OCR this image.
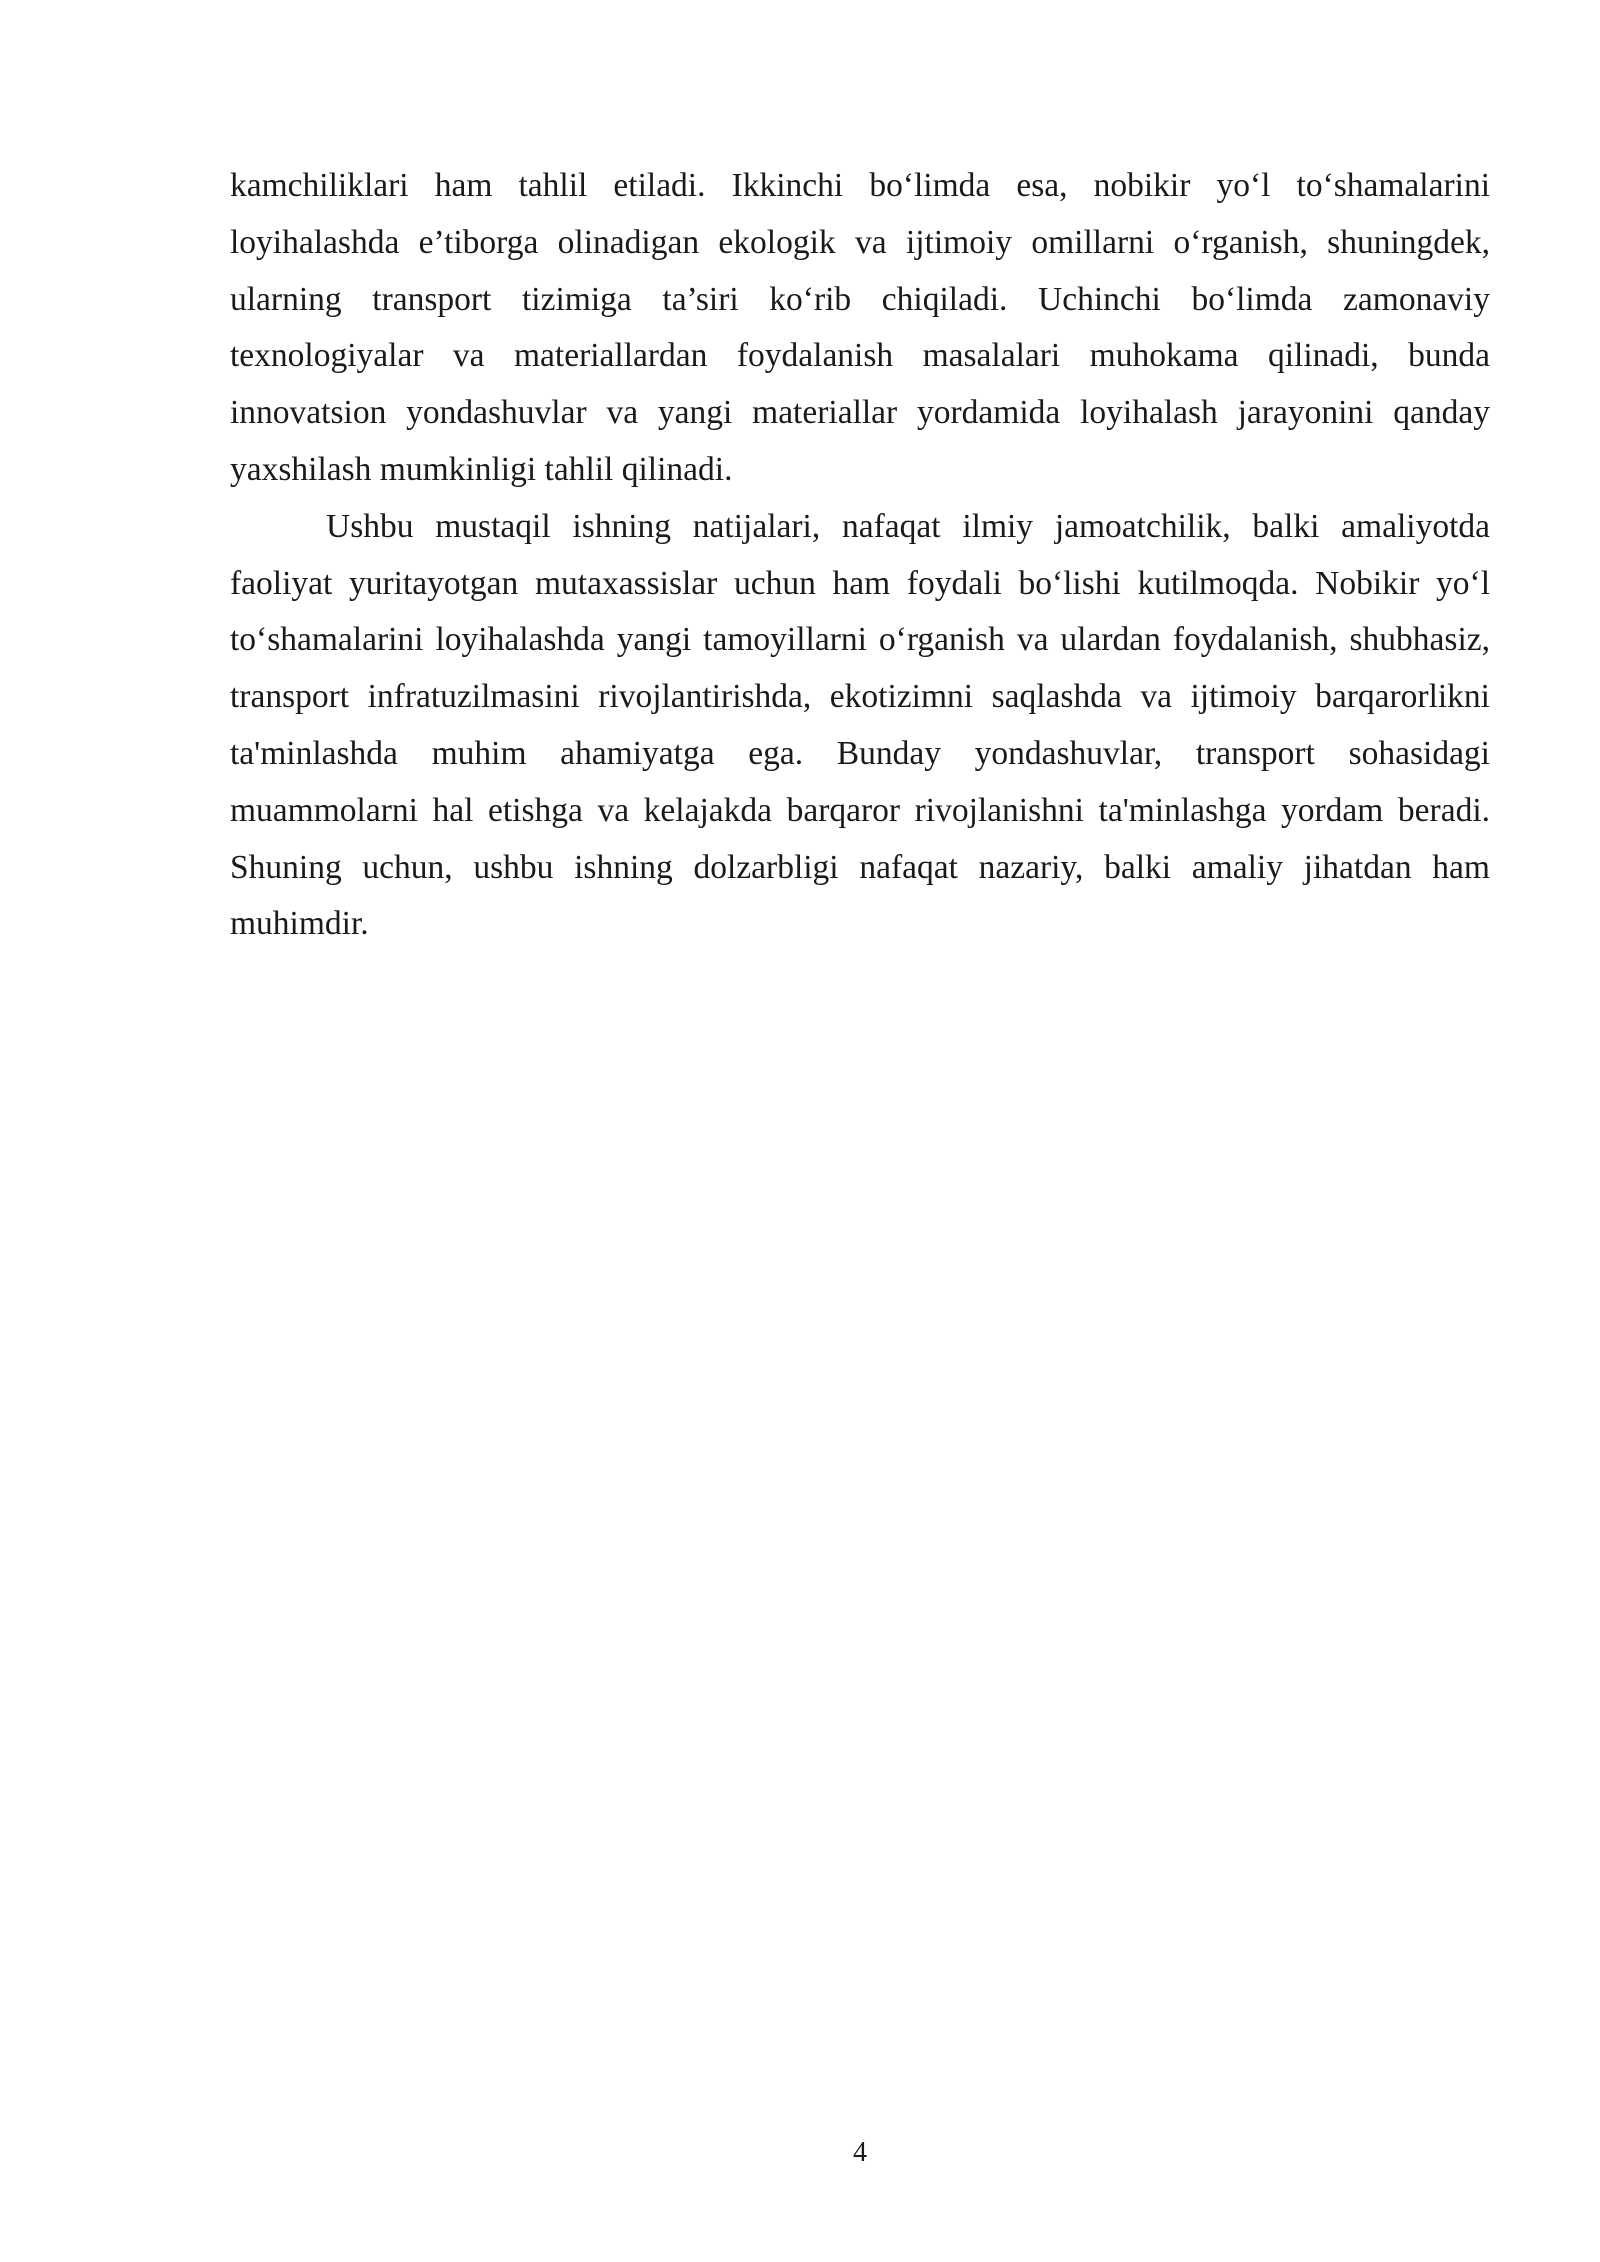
kamchiliklari ham tahlil etiladi. Ikkinchi bo‘limda esa, nobikir yo‘l to‘shamalarini loyihalashda e’tiborga olinadigan ekologik va ijtimoiy omillarni o‘rganish, shuningdek, ularning transport tizimiga ta’siri ko‘rib chiqiladi. Uchinchi bo‘limda zamonaviy texnologiyalar va materiallardan foydalanish masalalari muhokama qilinadi, bunda innovatsion yondashuvlar va yangi materiallar yordamida loyihalash jarayonini qanday yaxshilash mumkinligi tahlil qilinadi.

Ushbu mustaqil ishning natijalari, nafaqat ilmiy jamoatchilik, balki amaliyotda faoliyat yuritayotgan mutaxassislar uchun ham foydali bo‘lishi kutilmoqda. Nobikir yo‘l to‘shamalarini loyihalashda yangi tamoyillarni o‘rganish va ulardan foydalanish, shubhasiz, transport infratuzilmasini rivojlantirishda, ekotizimni saqlashda va ijtimoiy barqarorlikni ta'minlashda muhim ahamiyatga ega. Bunday yondashuvlar, transport sohasidagi muammolarni hal etishga va kelajakda barqaror rivojlanishni ta'minlashga yordam beradi. Shuning uchun, ushbu ishning dolzarbligi nafaqat nazariy, balki amaliy jihatdan ham muhimdir.

4
